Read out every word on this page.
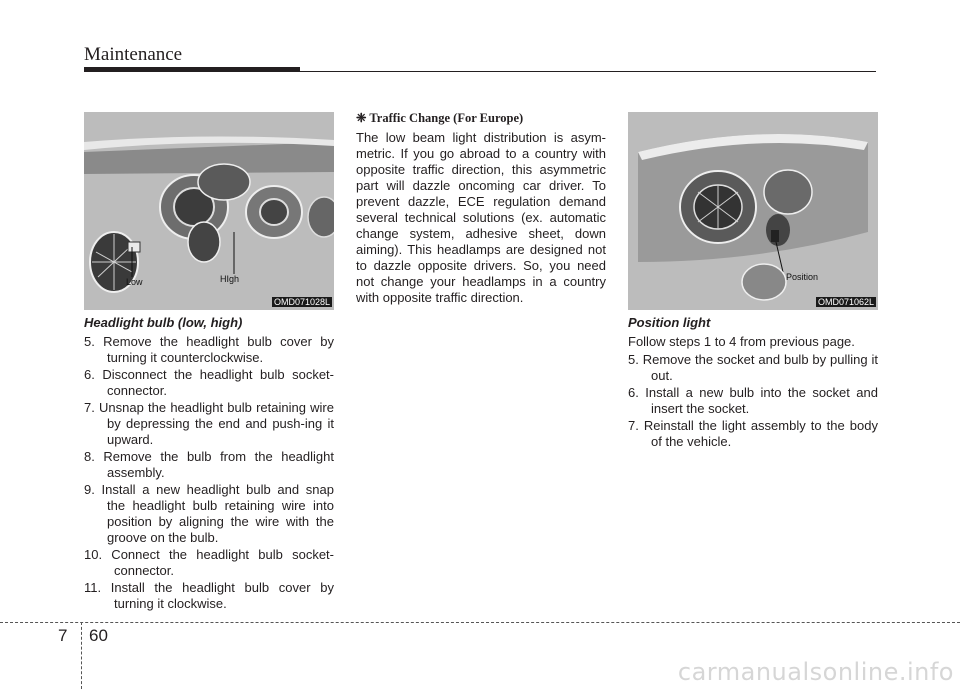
Maintenance
Low	HIgh
OMD071028L
Headlight bulb (low, high)
5. Remove the headlight bulb cover by turning it counterclockwise.
6. Disconnect the headlight bulb socket-connector.
7. Unsnap the headlight bulb retaining wire by depressing the end and push-ing it upward.
8. Remove the bulb from the headlight assembly.
9. Install a new headlight bulb and snap the headlight bulb retaining wire into position by aligning the wire with the groove on the bulb.
10. Connect the headlight bulb socket-connector.
11. Install the headlight bulb cover by turning it clockwise.
❈ Traffic Change (For Europe)
The low beam light distribution is asym-metric. If you go abroad to a country with opposite traffic direction, this asymmetric part will dazzle oncoming car driver. To prevent dazzle, ECE regulation demand several technical solutions (ex. automatic change system, adhesive sheet, down aiming). This headlamps are designed not to dazzle opposite drivers. So, you need not change your headlamps in a country with opposite traffic direction.
Position
OMD071062L
Position light
Follow steps 1 to 4 from previous page.
5. Remove the socket and bulb by pulling it out.
6. Install a new bulb into the socket and insert the socket.
7. Reinstall the light assembly to the body of the vehicle.
7 60
carmanualsonline.info
